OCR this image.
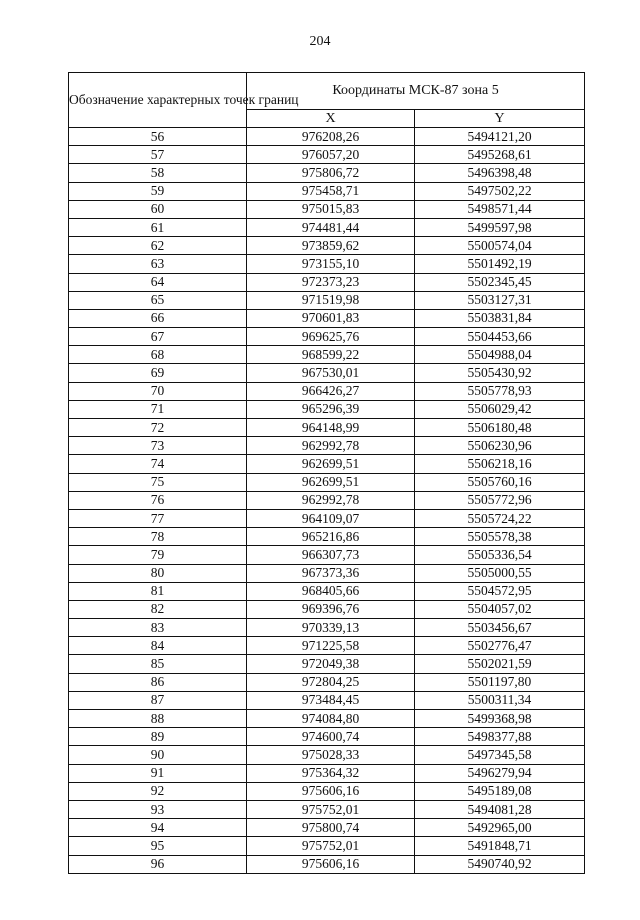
204
Обозначение характерных точек границ	Координаты МСК-87 зона 5	
	X	Y
56	976208,26	5494121,20
57	976057,20	5495268,61
58	975806,72	5496398,48
59	975458,71	5497502,22
60	975015,83	5498571,44
61	974481,44	5499597,98
62	973859,62	5500574,04
63	973155,10	5501492,19
64	972373,23	5502345,45
65	971519,98	5503127,31
66	970601,83	5503831,84
67	969625,76	5504453,66
68	968599,22	5504988,04
69	967530,01	5505430,92
70	966426,27	5505778,93
71	965296,39	5506029,42
72	964148,99	5506180,48
73	962992,78	5506230,96
74	962699,51	5506218,16
75	962699,51	5505760,16
76	962992,78	5505772,96
77	964109,07	5505724,22
78	965216,86	5505578,38
79	966307,73	5505336,54
80	967373,36	5505000,55
81	968405,66	5504572,95
82	969396,76	5504057,02
83	970339,13	5503456,67
84	971225,58	5502776,47
85	972049,38	5502021,59
86	972804,25	5501197,80
87	973484,45	5500311,34
88	974084,80	5499368,98
89	974600,74	5498377,88
90	975028,33	5497345,58
91	975364,32	5496279,94
92	975606,16	5495189,08
93	975752,01	5494081,28
94	975800,74	5492965,00
95	975752,01	5491848,71
96	975606,16	5490740,92
